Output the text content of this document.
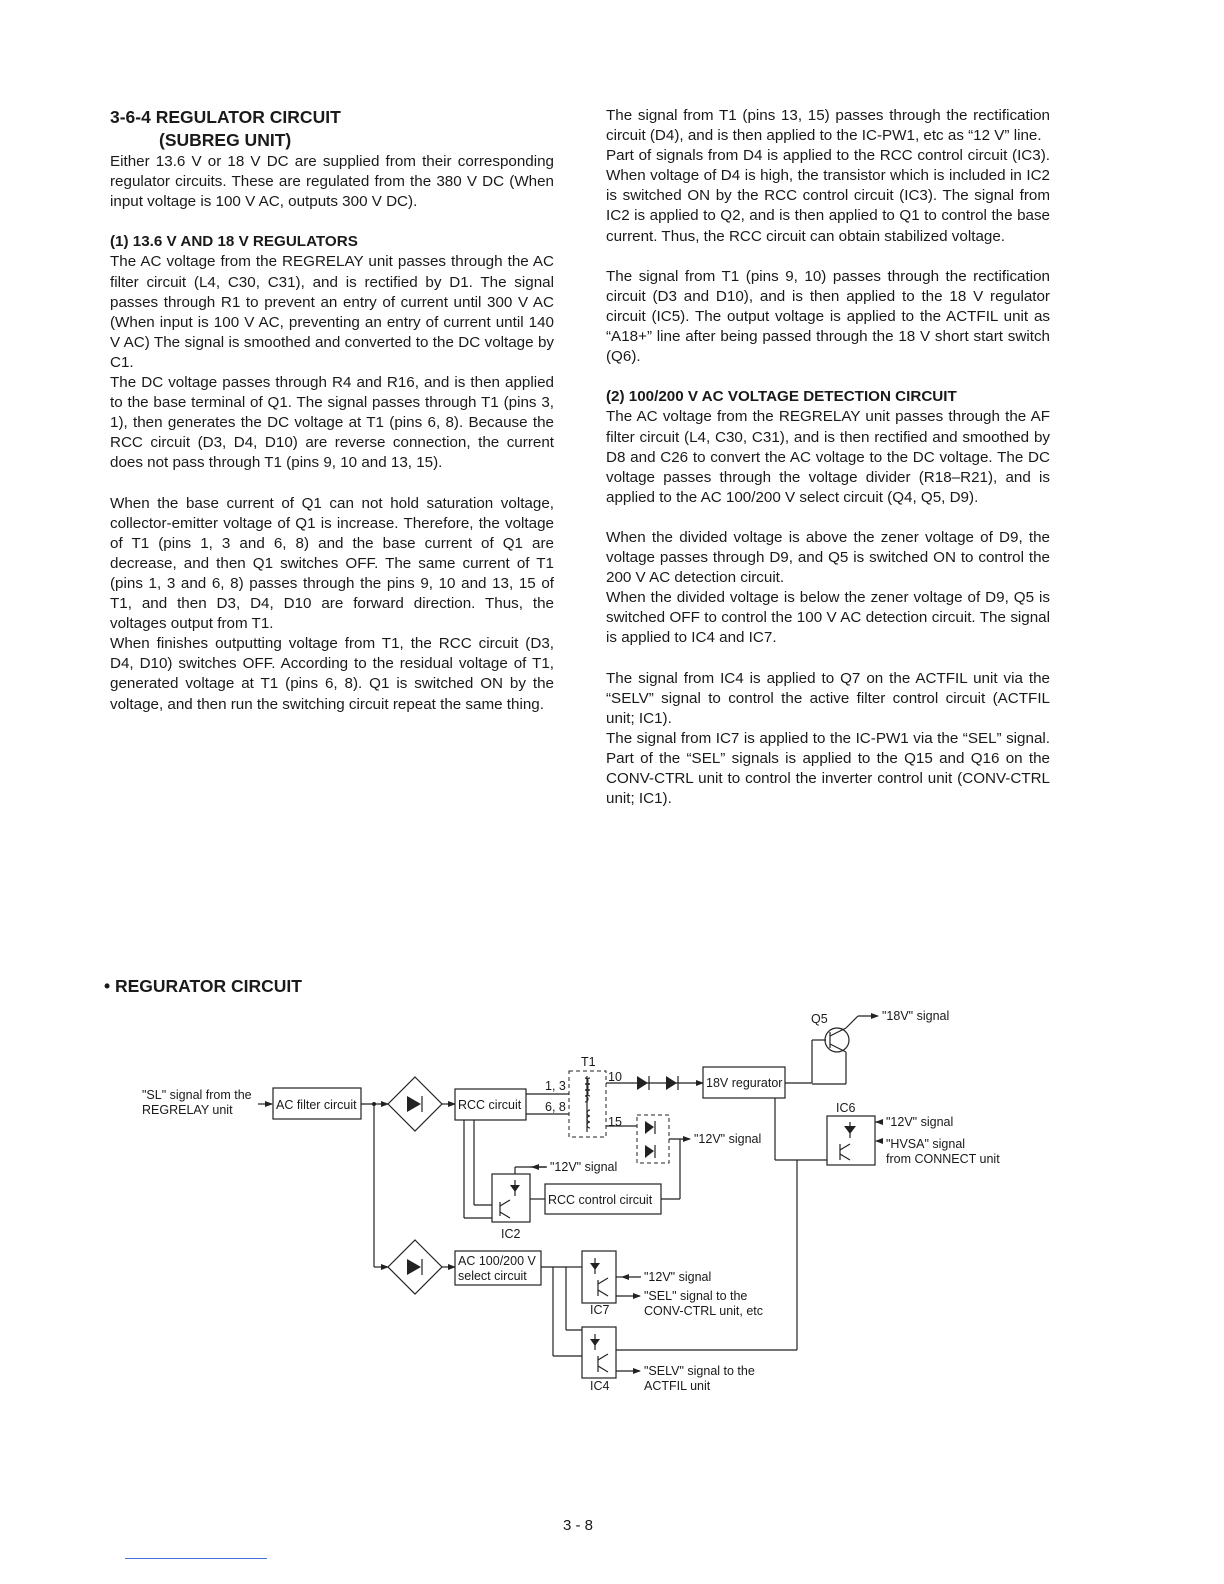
3-6-4 REGULATOR CIRCUIT
(SUBREG UNIT)

Either 13.6 V or 18 V DC are supplied from their corresponding regulator circuits. These are regulated from the 380 V DC (When input voltage is 100 V AC, outputs 300 V DC).

(1) 13.6 V AND 18 V REGULATORS

The AC voltage from the REGRELAY unit passes through the AC filter circuit (L4, C30, C31), and is rectified by D1. The signal passes through R1 to prevent an entry of current until 300 V AC (When input is 100 V AC, preventing an entry of current until 140 V AC) The signal is smoothed and converted to the DC voltage by C1.

The DC voltage passes through R4 and R16, and is then applied to the base terminal of Q1. The signal passes through T1 (pins 3, 1), then generates the DC voltage at T1 (pins 6, 8). Because the RCC circuit (D3, D4, D10) are reverse connection, the current does not pass through T1 (pins 9, 10 and 13, 15).

When the base current of Q1 can not hold saturation voltage, collector-emitter voltage of Q1 is increase. Therefore, the voltage of T1 (pins 1, 3 and 6, 8) and the base current of Q1 are decrease, and then Q1 switches OFF. The same current of T1 (pins 1, 3 and 6, 8) passes through the pins 9, 10 and 13, 15 of T1, and then D3, D4, D10 are forward direction. Thus, the voltages output from T1.

When finishes outputting voltage from T1, the RCC circuit (D3, D4, D10) switches OFF. According to the residual voltage of T1, generated voltage at T1 (pins 6, 8). Q1 is switched ON by the voltage, and then run the switching circuit repeat the same thing.

The signal from T1 (pins 13, 15) passes through the rectification circuit (D4), and is then applied to the IC-PW1, etc as “12 V” line.

Part of signals from D4 is applied to the RCC control circuit (IC3). When voltage of D4 is high, the transistor which is included in IC2 is switched ON by the RCC control circuit (IC3). The signal from IC2 is applied to Q2, and is then applied to Q1 to control the base current. Thus, the RCC circuit can obtain stabilized voltage.

The signal from T1 (pins 9, 10) passes through the rectification circuit (D3 and D10), and is then applied to the 18 V regulator circuit (IC5). The output voltage is applied to the ACTFIL unit as “A18+” line after being passed through the 18 V short start switch (Q6).

(2) 100/200 V AC VOLTAGE DETECTION CIRCUIT

The AC voltage from the REGRELAY unit passes through the AF filter circuit (L4, C30, C31), and is then rectified and smoothed by D8 and C26 to convert the AC voltage to the DC voltage. The DC voltage passes through the voltage divider (R18–R21), and is applied to the AC 100/200 V select circuit (Q4, Q5, D9).

When the divided voltage is above the zener voltage of D9, the voltage passes through D9, and Q5 is switched ON to control the 200 V AC detection circuit.

When the divided voltage is below the zener voltage of D9, Q5 is switched OFF to control the 100 V AC detection circuit. The signal is applied to IC4 and IC7.

The signal from IC4 is applied to Q7 on the ACTFIL unit via the “SELV” signal to control the active filter control circuit (ACTFIL unit; IC1).

The signal from IC7 is applied to the IC-PW1 via the “SEL” signal. Part of the “SEL” signals is applied to the Q15 and Q16 on the CONV-CTRL unit to control the inverter control unit (CONV-CTRL unit; IC1).

• REGURATOR CIRCUIT
"SL" signal from the
REGRELAY unit	AC filter circuit	RCC circuit
T1
1, 3
6, 8
10
15
18V regurator
Q5	"18V" signal
IC6
"12V" signal
"HVSA" signal
from CONNECT unit
"12V" signal
RCC control circuit
IC2
"12V" signal
AC 100/200 V
select circuit	"12V" signal
"SEL" signal to the
CONV-CTRL unit, etc
IC7
"SELV" signal to the
ACTFIL unit
IC4
3 - 8
